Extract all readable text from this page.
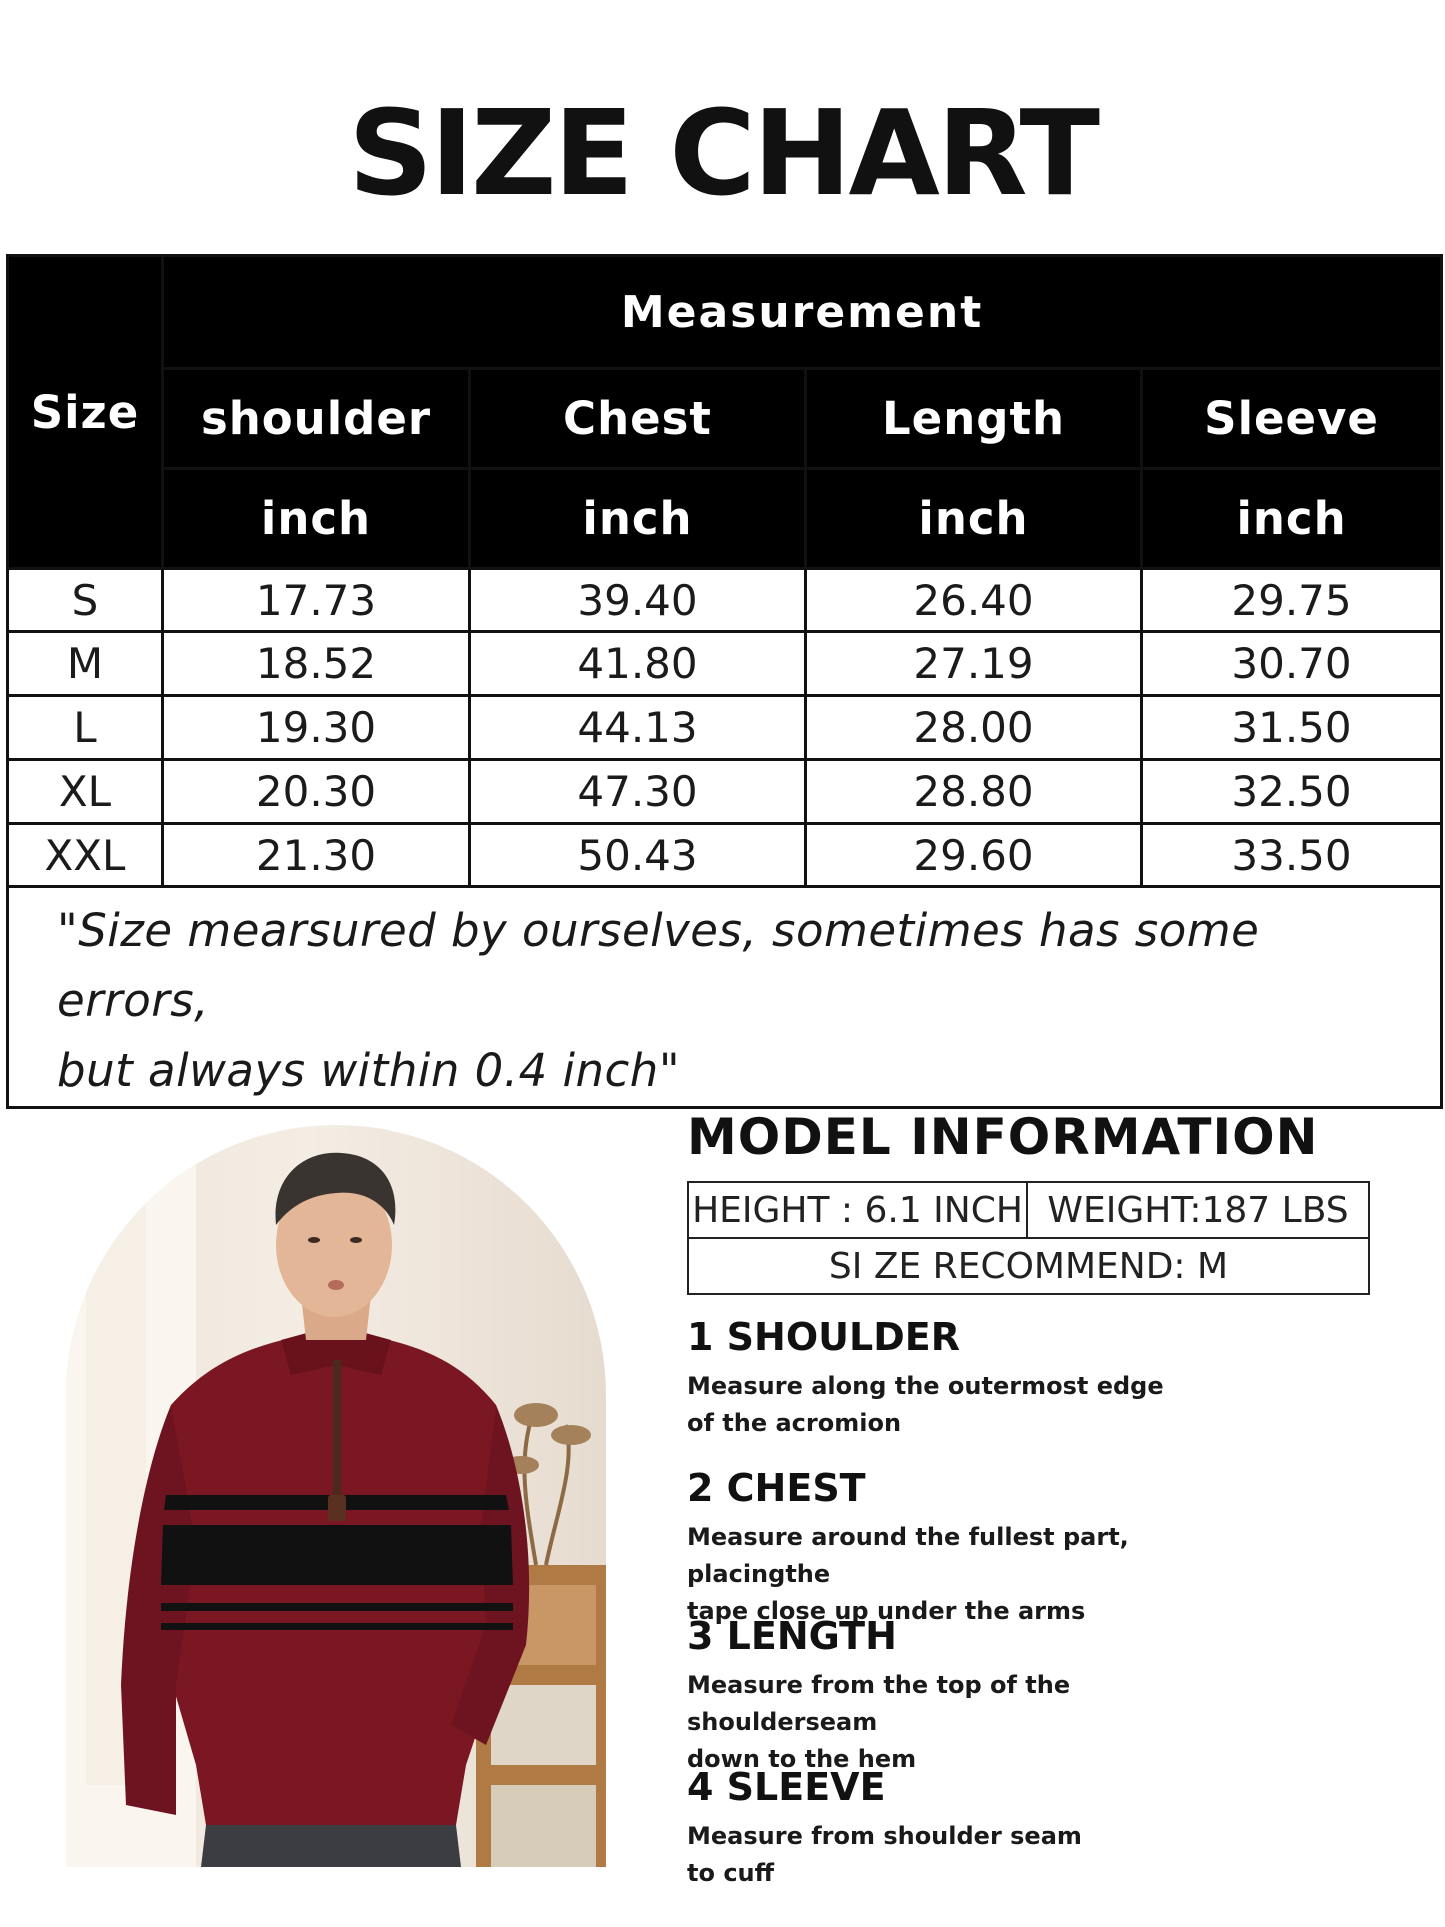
SIZE CHART
Size	Measurement			
	shoulder	Chest	Length	Sleeve
	inch	inch	inch	inch
S	17.73	39.40	26.40	29.75
M	18.52	41.80	27.19	30.70
L	19.30	44.13	28.00	31.50
XL	20.30	47.30	28.80	32.50
XXL	21.30	50.43	29.60	33.50

"Size mearsured by ourselves, sometimes has some errors,
but always within 0.4 inch"				
MODEL INFORMATION
HEIGHT : 6.1 INCH	WEIGHT:187 LBS
SI ZE RECOMMEND: M
1 SHOULDER
Measure along the outermost edge
of the acromion
2 CHEST
Measure around the fullest part, placingthe
tape close up under the arms
3 LENGTH
Measure from the top of the shoulderseam
down to the hem
4 SLEEVE
Measure from shoulder seam
to cuff
